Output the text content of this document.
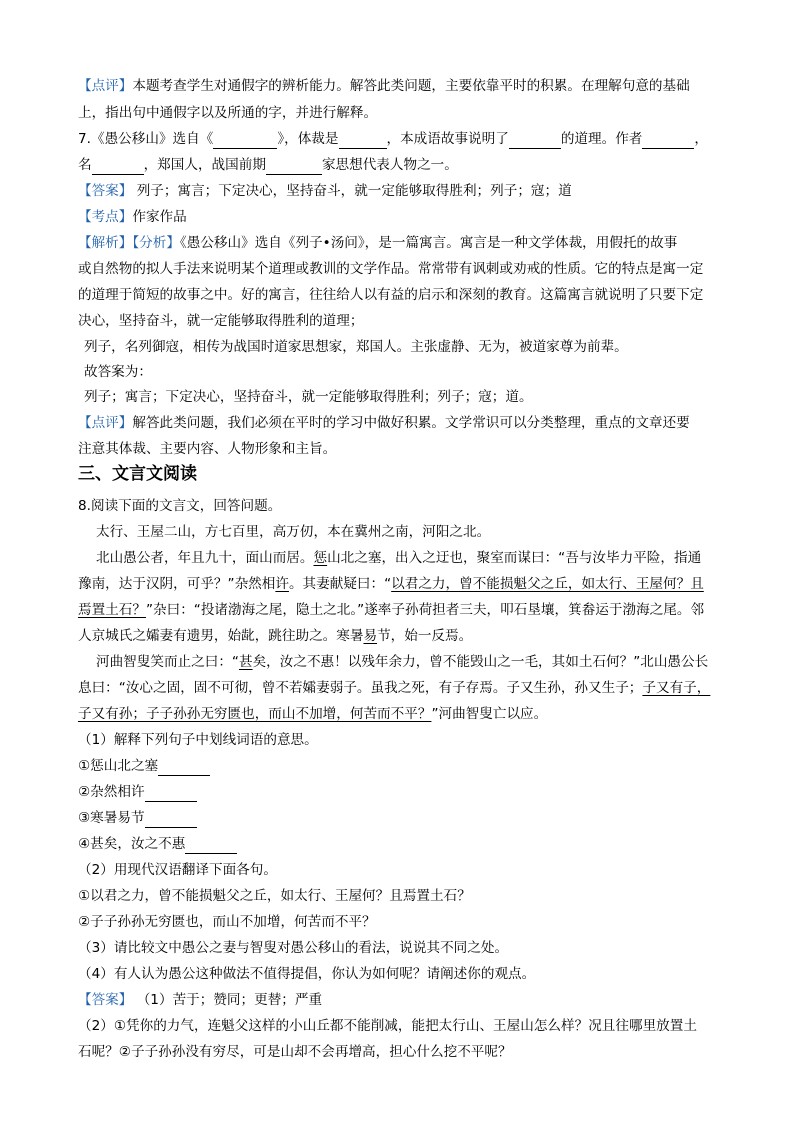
【点评】本题考查学生对通假字的辨析能力。解答此类问题，主要依靠平时的积累。在理解句意的基础
上，指出句中通假字以及所通的字，并进行解释。
7.《愚公移山》选自《	》，体裁是	，本成语故事说明了	的道理。作者	，
名	，郑国人，战国前期	家思想代表人物之一。
【答案】 列子；寓言；下定决心，坚持奋斗，就一定能够取得胜利；列子；寇；道
【考点】作家作品
【解析】【分析】《愚公移山》选自《列子•汤问》，是一篇寓言。寓言是一种文学体裁，用假托的故事
或自然物的拟人手法来说明某个道理或教训的文学作品。常常带有讽刺或劝戒的性质。它的特点是寓一定
的道理于简短的故事之中。好的寓言，往往给人以有益的启示和深刻的教育。这篇寓言就说明了只要下定
决心，坚持奋斗，就一定能够取得胜利的道理；
列子，名列御寇，相传为战国时道家思想家，郑国人。主张虚静、无为，被道家尊为前辈。
故答案为：
列子；寓言；下定决心，坚持奋斗，就一定能够取得胜利；列子；寇；道。
【点评】解答此类问题，我们必须在平时的学习中做好积累。文学常识可以分类整理，重点的文章还要
注意其体裁、主要内容、人物形象和主旨。
三、文言文阅读
8.阅读下面的文言文，回答问题。
太行、王屋二山，方七百里，高万仞，本在冀州之南，河阳之北。
北山愚公者，年且九十，面山而居。惩山北之塞，出入之迂也，聚室而谋曰：“吾与汝毕力平险，指通
豫南，达于汉阴，可乎？”杂然相许。其妻献疑曰：“以君之力，曾不能损魁父之丘，如太行、王屋何？且
焉置土石？”杂曰：“投诸渤海之尾，隐土之北。”遂率子孙荷担者三夫，叩石垦壤，箕畚运于渤海之尾。邻
人京城氏之孀妻有遗男，始龀，跳往助之。寒暑易节，始一反焉。
河曲智叟笑而止之曰：“甚矣，汝之不惠！以残年余力，曾不能毁山之一毛，其如土石何？”北山愚公长
息曰：“汝心之固，固不可彻，曾不若孀妻弱子。虽我之死，有子存焉。子又生孙，孙又生子；子又有子，
子又有孙；子子孙孙无穷匮也，而山不加增，何苦而不平？”河曲智叟亡以应。
（1）解释下列句子中划线词语的意思。
①惩山北之塞
②杂然相许
③寒暑易节
④甚矣，汝之不惠
（2）用现代汉语翻译下面各句。
①以君之力，曾不能损魁父之丘，如太行、王屋何？且焉置土石？
②子子孙孙无穷匮也，而山不加增，何苦而不平？
（3）请比较文中愚公之妻与智叟对愚公移山的看法，说说其不同之处。
（4）有人认为愚公这种做法不值得提倡，你认为如何呢？请阐述你的观点。
【答案】 （1）苦于；赞同；更替；严重
（2）①凭你的力气，连魁父这样的小山丘都不能削减，能把太行山、王屋山怎么样？况且往哪里放置土
石呢？②子子孙孙没有穷尽，可是山却不会再增高，担心什么挖不平呢？
